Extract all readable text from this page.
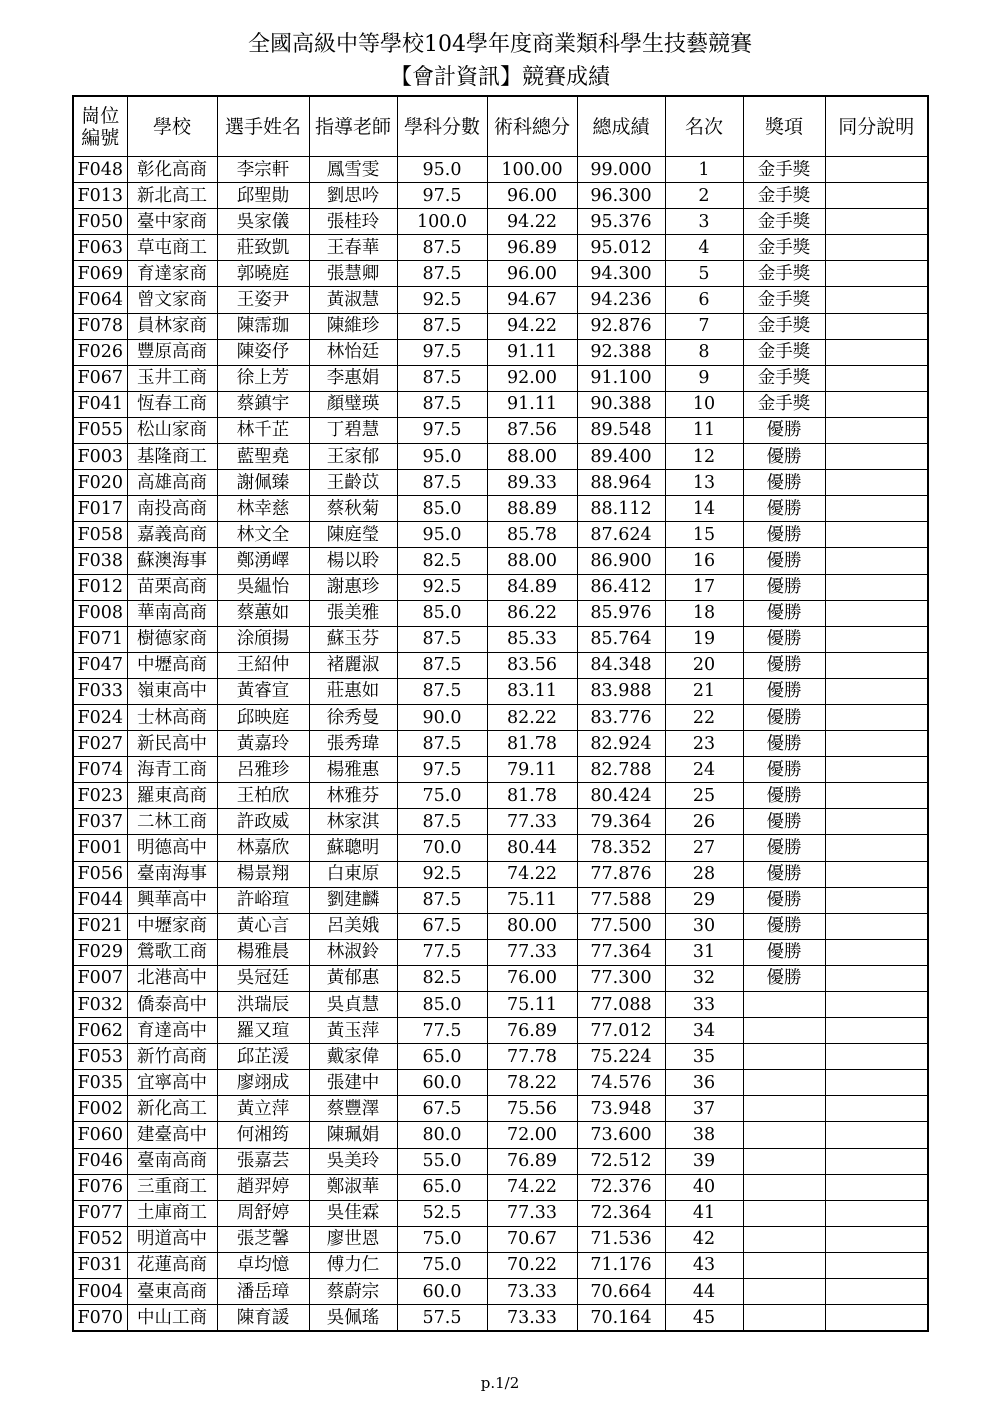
全國高級中等學校104學年度商業類科學生技藝競賽
【會計資訊】競賽成績
崗位編號	學校	選手姓名	指導老師	學科分數	術科總分	總成績	名次	獎項	同分說明
F048	彰化高商	李宗軒	鳳雪雯	95.0	100.00	99.000	1	金手獎	
F013	新北高工	邱聖勛	劉思吟	97.5	96.00	96.300	2	金手獎	
F050	臺中家商	吳家儀	張桂玲	100.0	94.22	95.376	3	金手獎	
F063	草屯商工	莊致凱	王春華	87.5	96.89	95.012	4	金手獎	
F069	育達家商	郭曉庭	張慧卿	87.5	96.00	94.300	5	金手獎	
F064	曾文家商	王姿尹	黃淑慧	92.5	94.67	94.236	6	金手獎	
F078	員林家商	陳霈珈	陳維珍	87.5	94.22	92.876	7	金手獎	
F026	豐原高商	陳姿伃	林怡廷	97.5	91.11	92.388	8	金手獎	
F067	玉井工商	徐上芳	李惠娟	87.5	92.00	91.100	9	金手獎	
F041	恆春工商	蔡鎮宇	顏璧瑛	87.5	91.11	90.388	10	金手獎	
F055	松山家商	林千芷	丁碧慧	97.5	87.56	89.548	11	優勝	
F003	基隆商工	藍聖堯	王家郁	95.0	88.00	89.400	12	優勝	
F020	高雄高商	謝佩臻	王齡苡	87.5	89.33	88.964	13	優勝	
F017	南投高商	林幸慈	蔡秋菊	85.0	88.89	88.112	14	優勝	
F058	嘉義高商	林文全	陳庭瑩	95.0	85.78	87.624	15	優勝	
F038	蘇澳海事	鄭湧嶧	楊以聆	82.5	88.00	86.900	16	優勝	
F012	苗栗高商	吳緼怡	謝惠珍	92.5	84.89	86.412	17	優勝	
F008	華南高商	蔡蕙如	張美雅	85.0	86.22	85.976	18	優勝	
F071	樹德家商	涂頎揚	蘇玉芬	87.5	85.33	85.764	19	優勝	
F047	中壢高商	王紹仲	褚麗淑	87.5	83.56	84.348	20	優勝	
F033	嶺東高中	黃睿宣	莊惠如	87.5	83.11	83.988	21	優勝	
F024	士林高商	邱映庭	徐秀曼	90.0	82.22	83.776	22	優勝	
F027	新民高中	黃嘉玲	張秀瑋	87.5	81.78	82.924	23	優勝	
F074	海青工商	呂雅珍	楊雅惠	97.5	79.11	82.788	24	優勝	
F023	羅東高商	王柏欣	林雅芬	75.0	81.78	80.424	25	優勝	
F037	二林工商	許政威	林家淇	87.5	77.33	79.364	26	優勝	
F001	明德高中	林嘉欣	蘇聰明	70.0	80.44	78.352	27	優勝	
F056	臺南海事	楊景翔	白東原	92.5	74.22	77.876	28	優勝	
F044	興華高中	許峪瑄	劉建麟	87.5	75.11	77.588	29	優勝	
F021	中壢家商	黃心言	呂美娥	67.5	80.00	77.500	30	優勝	
F029	鶯歌工商	楊雅晨	林淑鈴	77.5	77.33	77.364	31	優勝	
F007	北港高中	吳冠廷	黃郁惠	82.5	76.00	77.300	32	優勝	
F032	僑泰高中	洪瑞辰	吳貞慧	85.0	75.11	77.088	33		
F062	育達高中	羅又瑄	黃玉萍	77.5	76.89	77.012	34		
F053	新竹高商	邱芷湲	戴家偉	65.0	77.78	75.224	35		
F035	宜寧高中	廖翊成	張建中	60.0	78.22	74.576	36		
F002	新化高工	黃立萍	蔡豐澤	67.5	75.56	73.948	37		
F060	建臺高中	何湘筠	陳珮娟	80.0	72.00	73.600	38		
F046	臺南高商	張嘉芸	吳美玲	55.0	76.89	72.512	39		
F076	三重商工	趙羿婷	鄭淑華	65.0	74.22	72.376	40		
F077	土庫商工	周舒婷	吳佳霖	52.5	77.33	72.364	41		
F052	明道高中	張芝馨	廖世恩	75.0	70.67	71.536	42		
F031	花蓮高商	卓均憶	傅力仁	75.0	70.22	71.176	43		
F004	臺東高商	潘岳璋	蔡蔚宗	60.0	73.33	70.664	44		
F070	中山工商	陳育諼	吳佩瑤	57.5	73.33	70.164	45		
p.1/2
